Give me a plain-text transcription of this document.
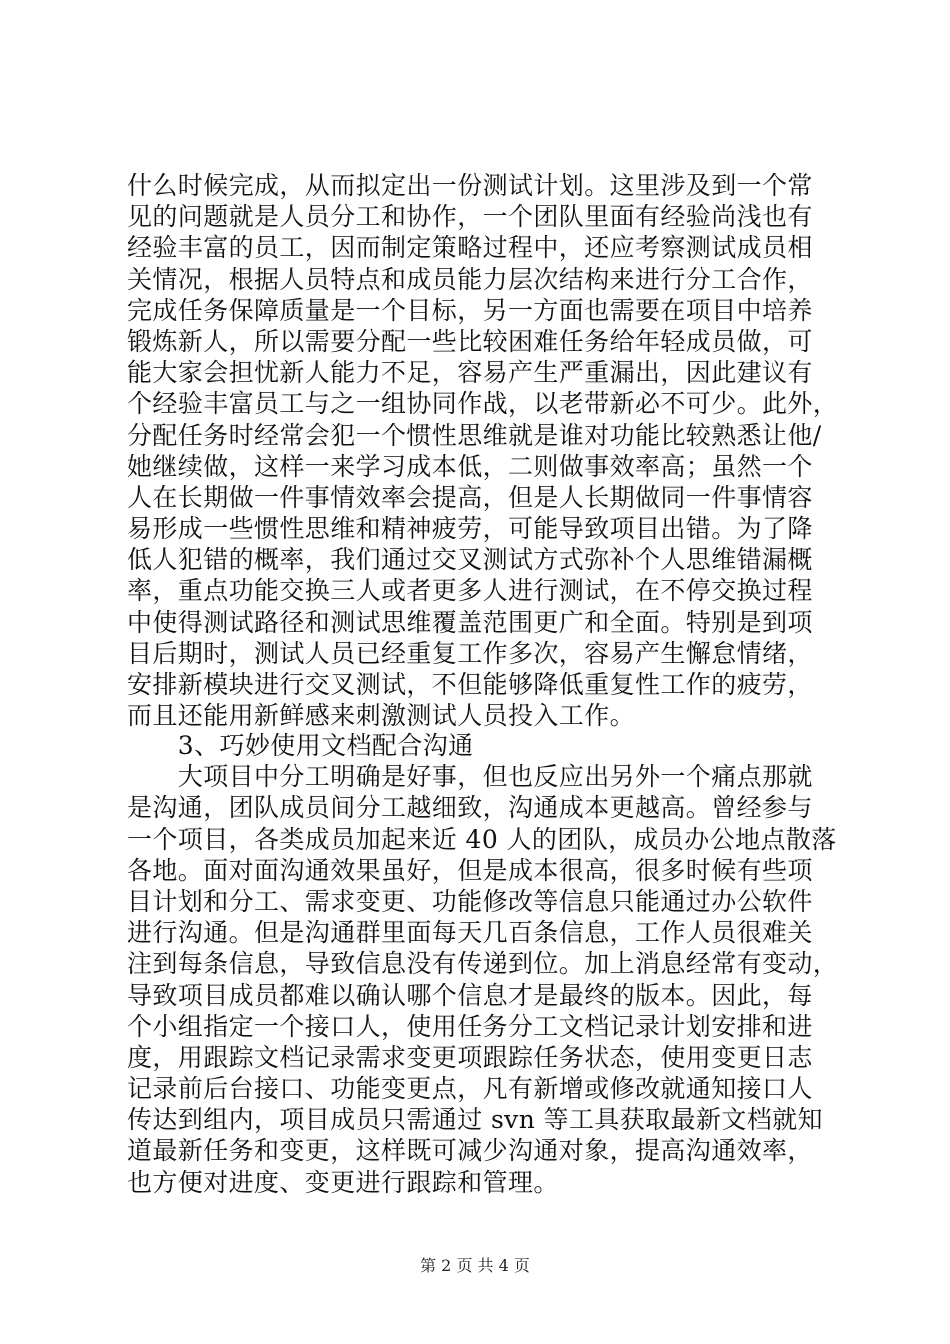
什么时候完成，从而拟定出一份测试计划。这里涉及到一个常
见的问题就是人员分工和协作，一个团队里面有经验尚浅也有
经验丰富的员工，因而制定策略过程中，还应考察测试成员相
关情况，根据人员特点和成员能力层次结构来进行分工合作，
完成任务保障质量是一个目标，另一方面也需要在项目中培养
锻炼新人，所以需要分配一些比较困难任务给年轻成员做，可
能大家会担忧新人能力不足，容易产生严重漏出，因此建议有
个经验丰富员工与之一组协同作战，以老带新必不可少。此外，
分配任务时经常会犯一个惯性思维就是谁对功能比较熟悉让他/
她继续做，这样一来学习成本低，二则做事效率高；虽然一个
人在长期做一件事情效率会提高，但是人长期做同一件事情容
易形成一些惯性思维和精神疲劳，可能导致项目出错。为了降
低人犯错的概率，我们通过交叉测试方式弥补个人思维错漏概
率，重点功能交换三人或者更多人进行测试，在不停交换过程
中使得测试路径和测试思维覆盖范围更广和全面。特别是到项
目后期时，测试人员已经重复工作多次，容易产生懈怠情绪，
安排新模块进行交叉测试，不但能够降低重复性工作的疲劳，
而且还能用新鲜感来刺激测试人员投入工作。
　　3、巧妙使用文档配合沟通
　　大项目中分工明确是好事，但也反应出另外一个痛点那就
是沟通，团队成员间分工越细致，沟通成本更越高。曾经参与
一个项目，各类成员加起来近 40 人的团队，成员办公地点散落
各地。面对面沟通效果虽好，但是成本很高，很多时候有些项
目计划和分工、需求变更、功能修改等信息只能通过办公软件
进行沟通。但是沟通群里面每天几百条信息，工作人员很难关
注到每条信息，导致信息没有传递到位。加上消息经常有变动，
导致项目成员都难以确认哪个信息才是最终的版本。因此，每
个小组指定一个接口人，使用任务分工文档记录计划安排和进
度，用跟踪文档记录需求变更项跟踪任务状态，使用变更日志
记录前后台接口、功能变更点，凡有新增或修改就通知接口人
传达到组内，项目成员只需通过 svn 等工具获取最新文档就知
道最新任务和变更，这样既可减少沟通对象，提高沟通效率，
也方便对进度、变更进行跟踪和管理。
第 2 页 共 4 页
